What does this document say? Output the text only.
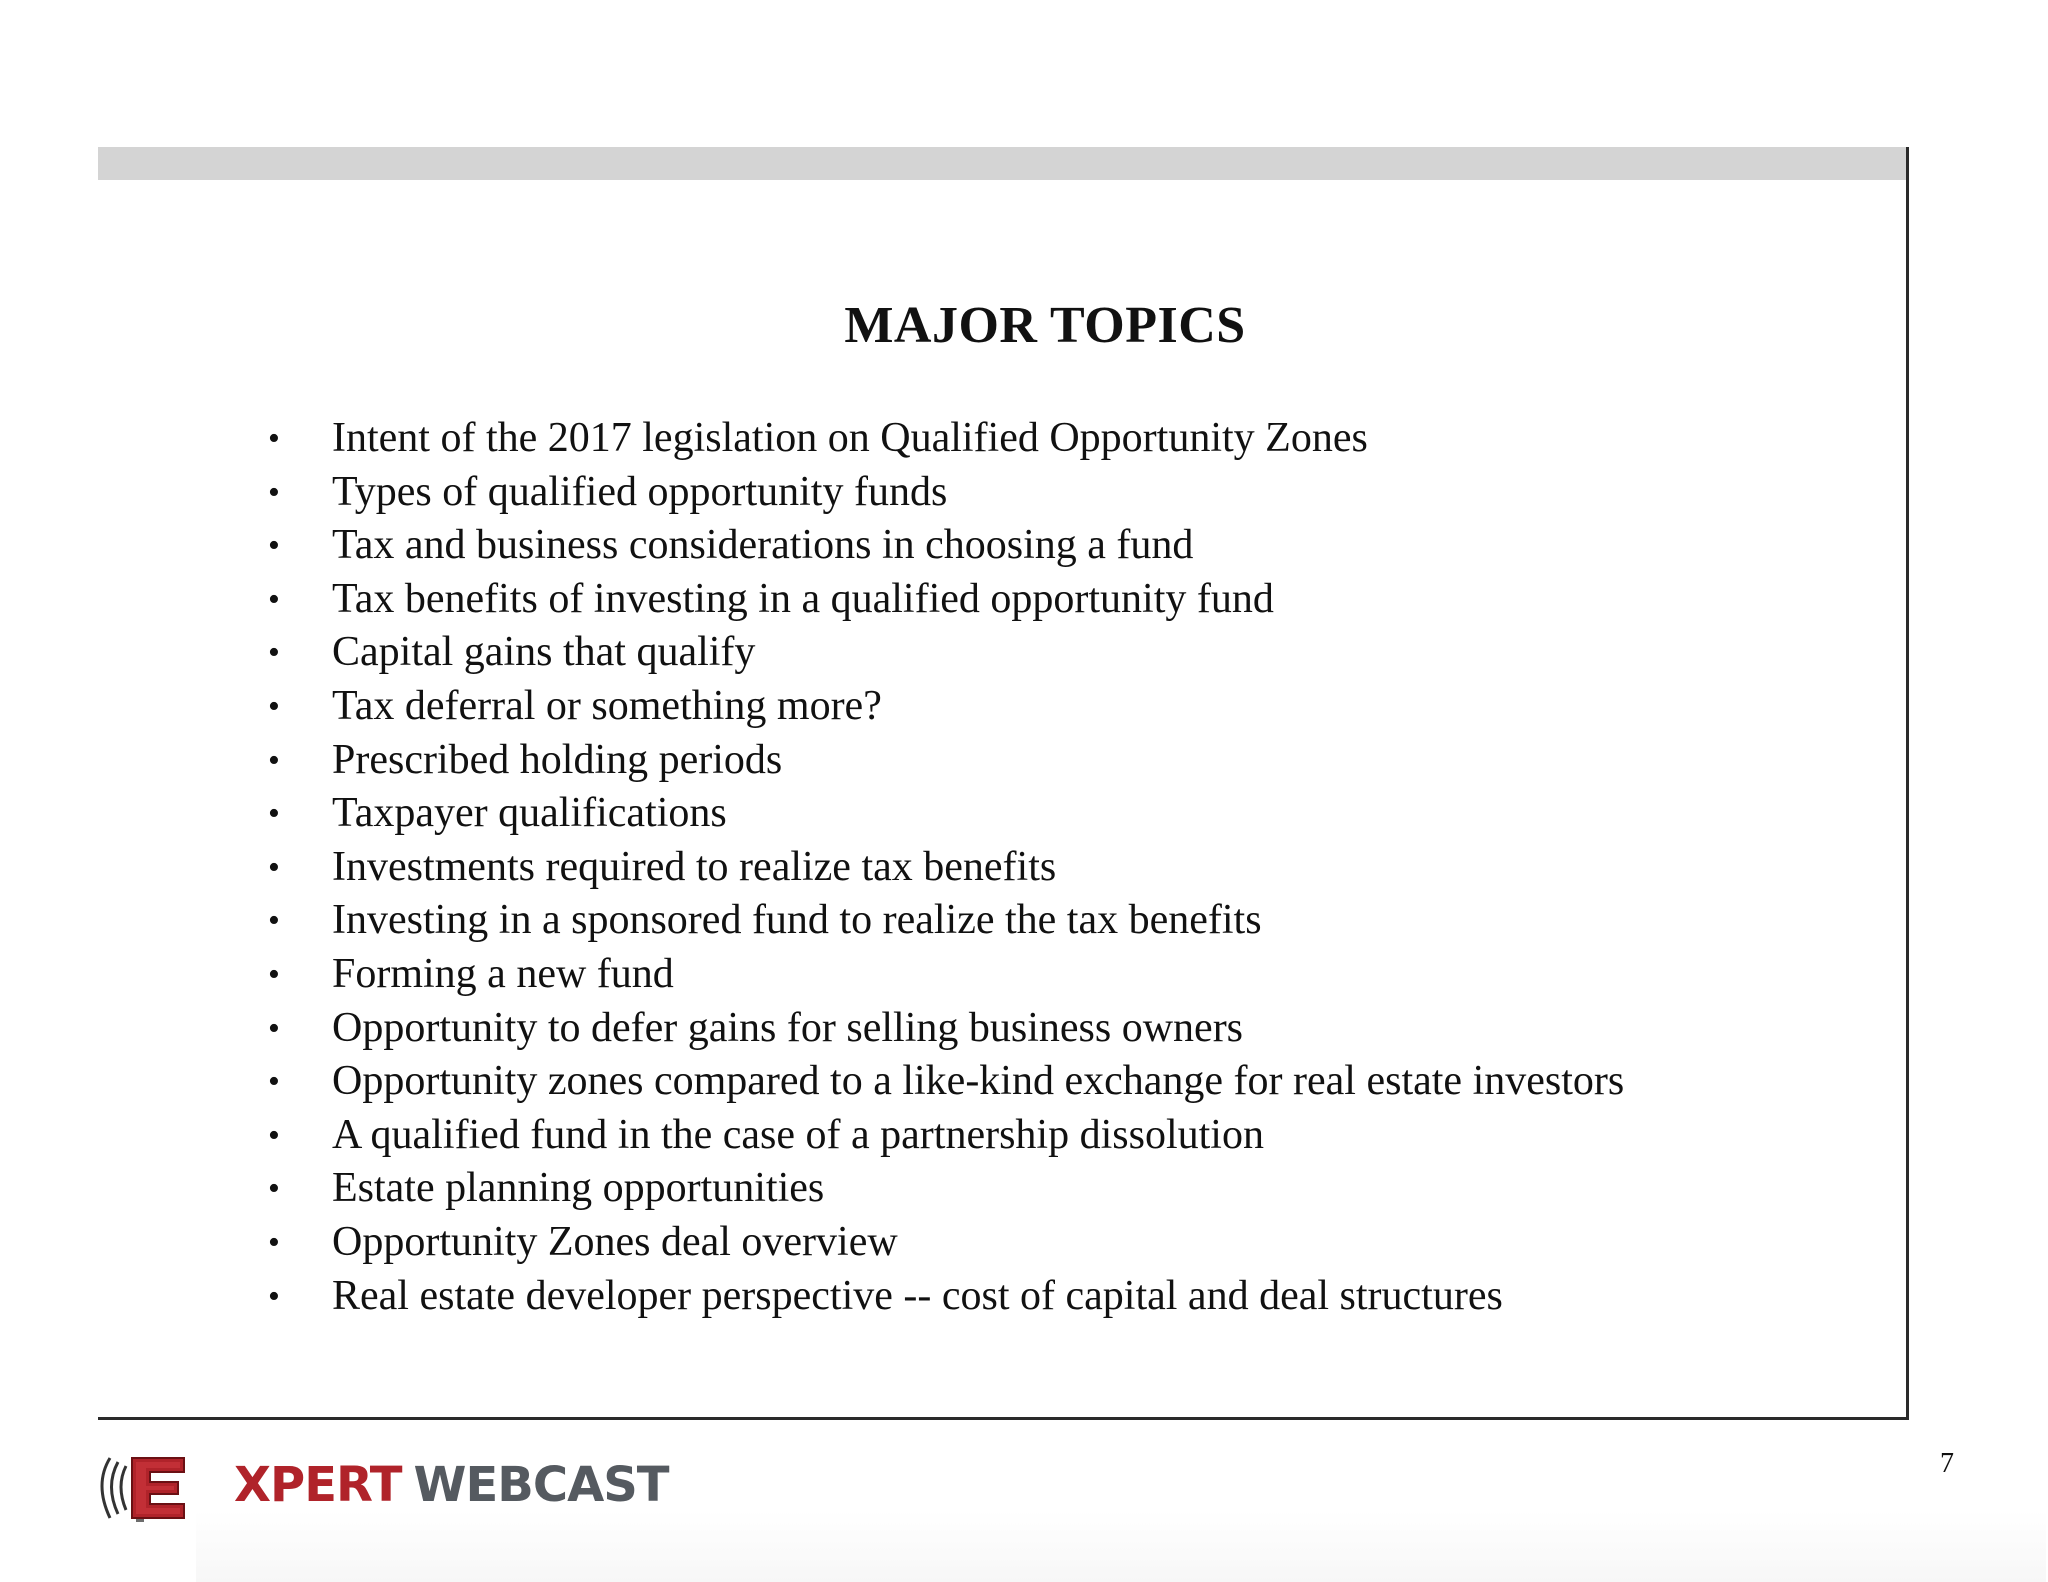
MAJOR TOPICS
• Intent of the 2017 legislation on Qualified Opportunity Zones
• Types of qualified opportunity funds
• Tax and business considerations in choosing a fund
• Tax benefits of investing in a qualified opportunity fund
• Capital gains that qualify
• Tax deferral or something more?
• Prescribed holding periods
• Taxpayer qualifications
• Investments required to realize tax benefits
• Investing in a sponsored fund to realize the tax benefits
• Forming a new fund
• Opportunity to defer gains for selling business owners
• Opportunity zones compared to a like-kind exchange for real estate investors
• A qualified fund in the case of a partnership dissolution
• Estate planning opportunities
• Opportunity Zones deal overview
• Real estate developer perspective -- cost of capital and deal structures
7
XPERT WEBCAST
